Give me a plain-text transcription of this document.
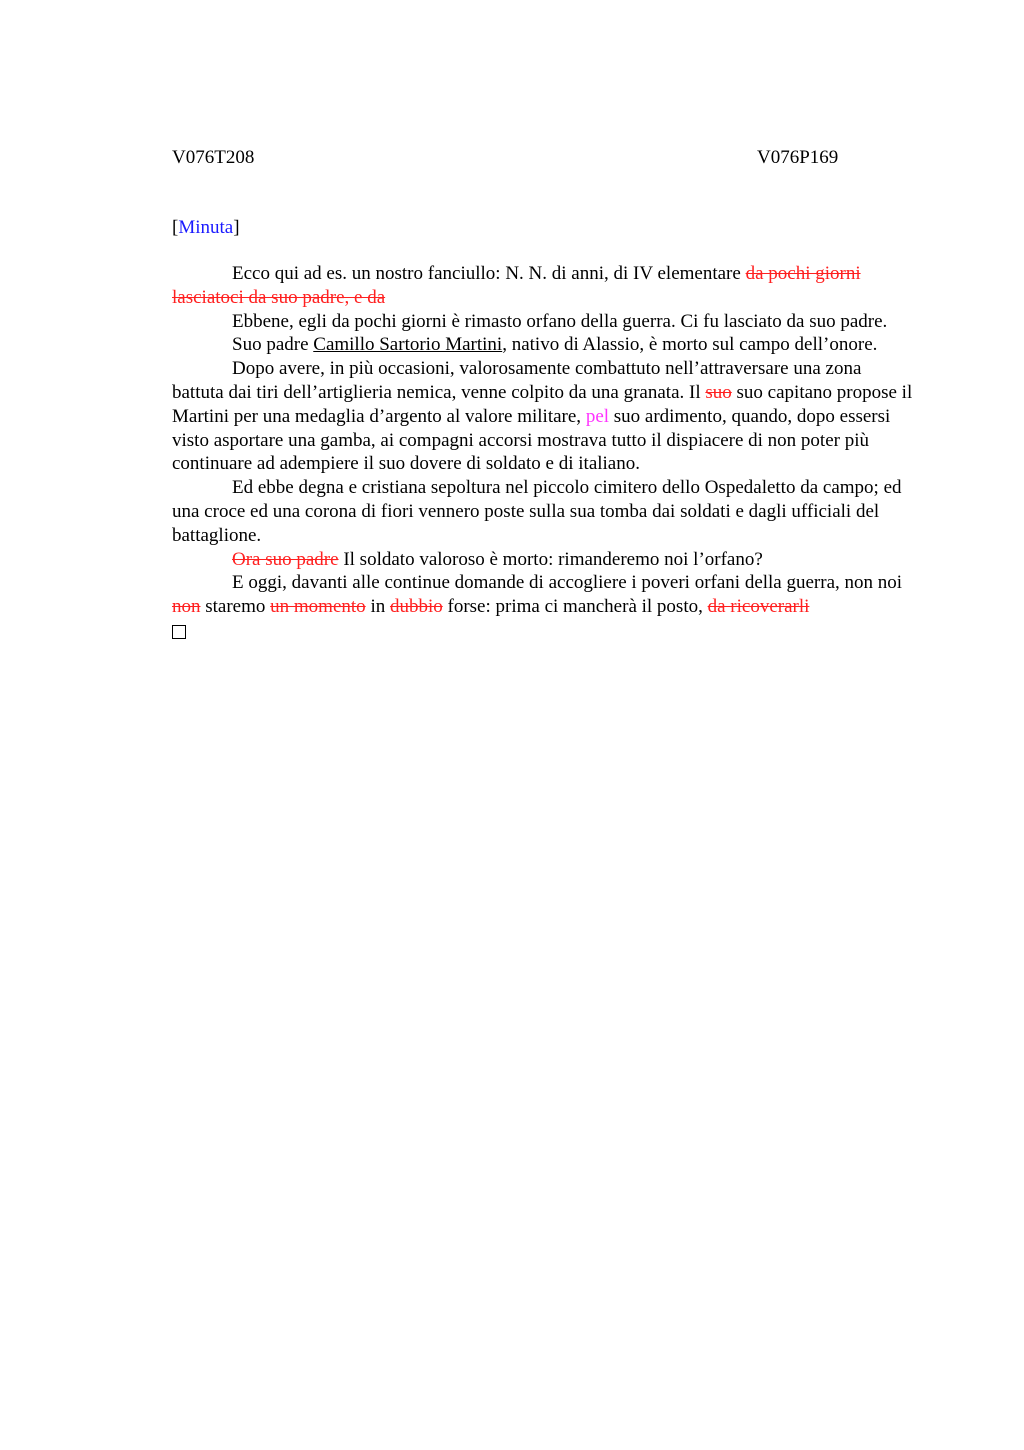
V076T208	V076P169
[Minuta]

Ecco qui ad es. un nostro fanciullo: N. N. di anni, di IV elementare da pochi giorni lasciatoci da suo padre, e da

Ebbene, egli da pochi giorni è rimasto orfano della guerra. Ci fu lasciato da suo padre.

Suo padre Camillo Sartorio Martini, nativo di Alassio, è morto sul campo dell’onore.

Dopo avere, in più occasioni, valorosamente combattuto nell’attraversare una zona battuta dai tiri dell’artiglieria nemica, venne colpito da una granata. Il suo suo capitano propose il Martini per una medaglia d’argento al valore militare, pel suo ardimento, quando, dopo essersi visto asportare una gamba, ai compagni accorsi mostrava tutto il dispiacere di non poter più continuare ad adempiere il suo dovere di soldato e di italiano.

Ed ebbe degna e cristiana sepoltura nel piccolo cimitero dello Ospedaletto da campo; ed una croce ed una corona di fiori vennero poste sulla sua tomba dai soldati e dagli ufficiali del battaglione.

Ora suo padre Il soldato valoroso è morto: rimanderemo noi l’orfano?

E oggi, davanti alle continue domande di accogliere i poveri orfani della guerra, non noi non staremo un momento in dubbio forse: prima ci mancherà il posto, da ricoverarli
